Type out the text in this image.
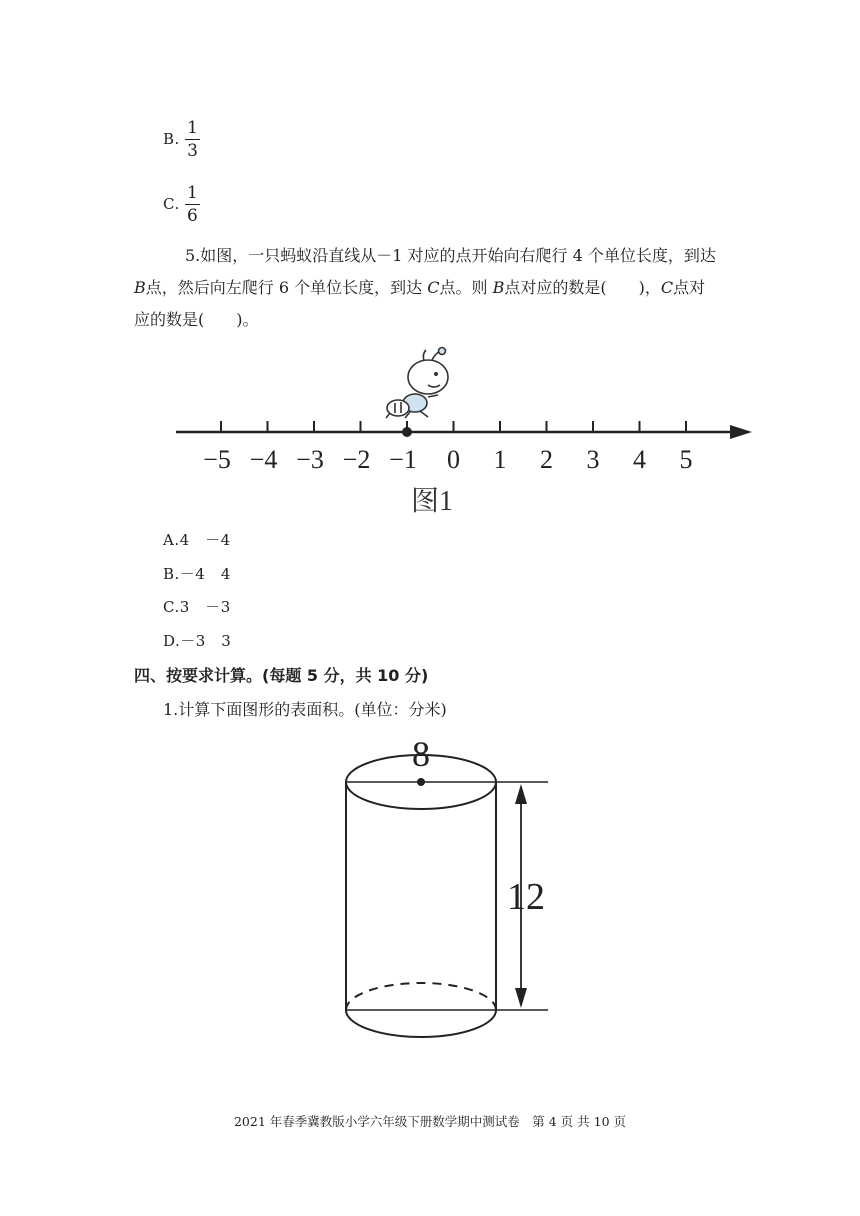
B. $\frac{1}{3}$
C. $\frac{1}{6}$
5.如图，一只蚂蚁沿直线从－1 对应的点开始向右爬行 4 个单位长度，到达
B点，然后向左爬行 6 个单位长度，到达 C点。则 B点对应的数是(　　)，C点对
应的数是(　　)。
−5 −4 −3 −2 −1 0 1 2 3 4 5
图1
A.4　－4
B.－4　4
C.3　－3
D.－3　3
四、按要求计算。(每题 5 分，共 10 分)
1.计算下面图形的表面积。(单位：分米)
8
12
2021 年春季冀教版小学六年级下册数学期中测试卷　第 4 页 共 10 页
